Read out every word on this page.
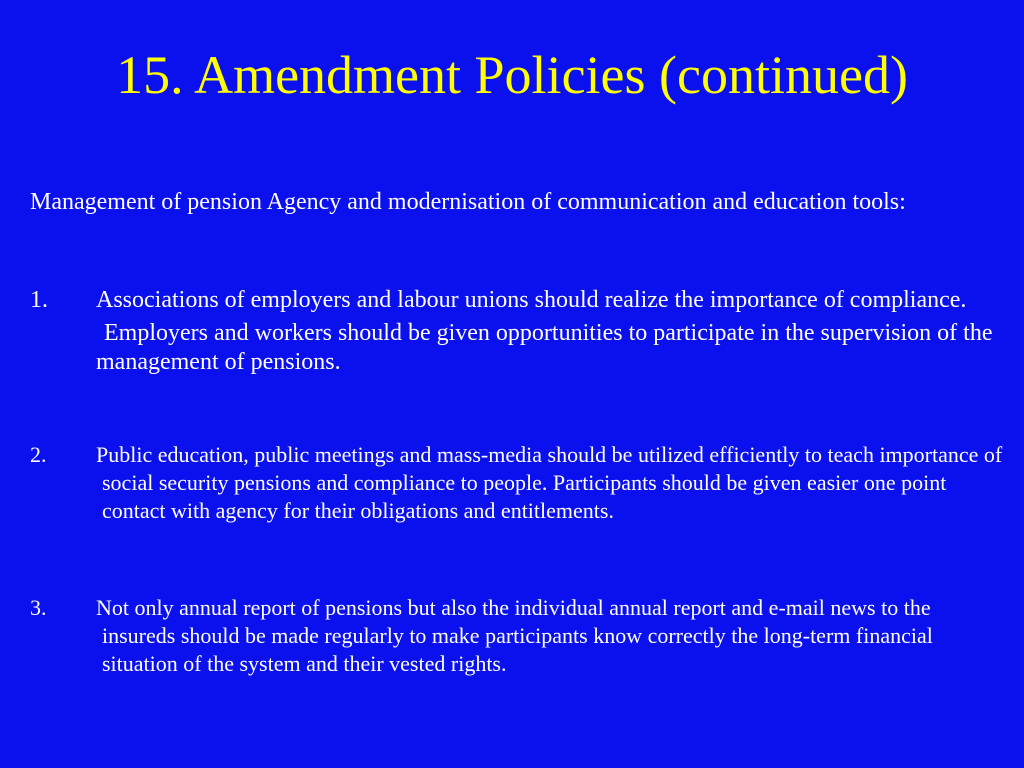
15. Amendment Policies (continued)

Management of pension Agency and modernisation of communication and education tools:

1. Associations of employers and labour unions should realize the importance of compliance.
Employers and workers should be given opportunities to participate in the supervision of the management of pensions.
2. Public education, public meetings and mass-media should be utilized efficiently to teach importance of social security pensions and compliance to people. Participants should be given easier one point contact with agency for their obligations and entitlements.
3. Not only annual report of pensions but also the individual annual report and e-mail news to the insureds should be made regularly to make participants know correctly the long-term financial situation of the system and their vested rights.
